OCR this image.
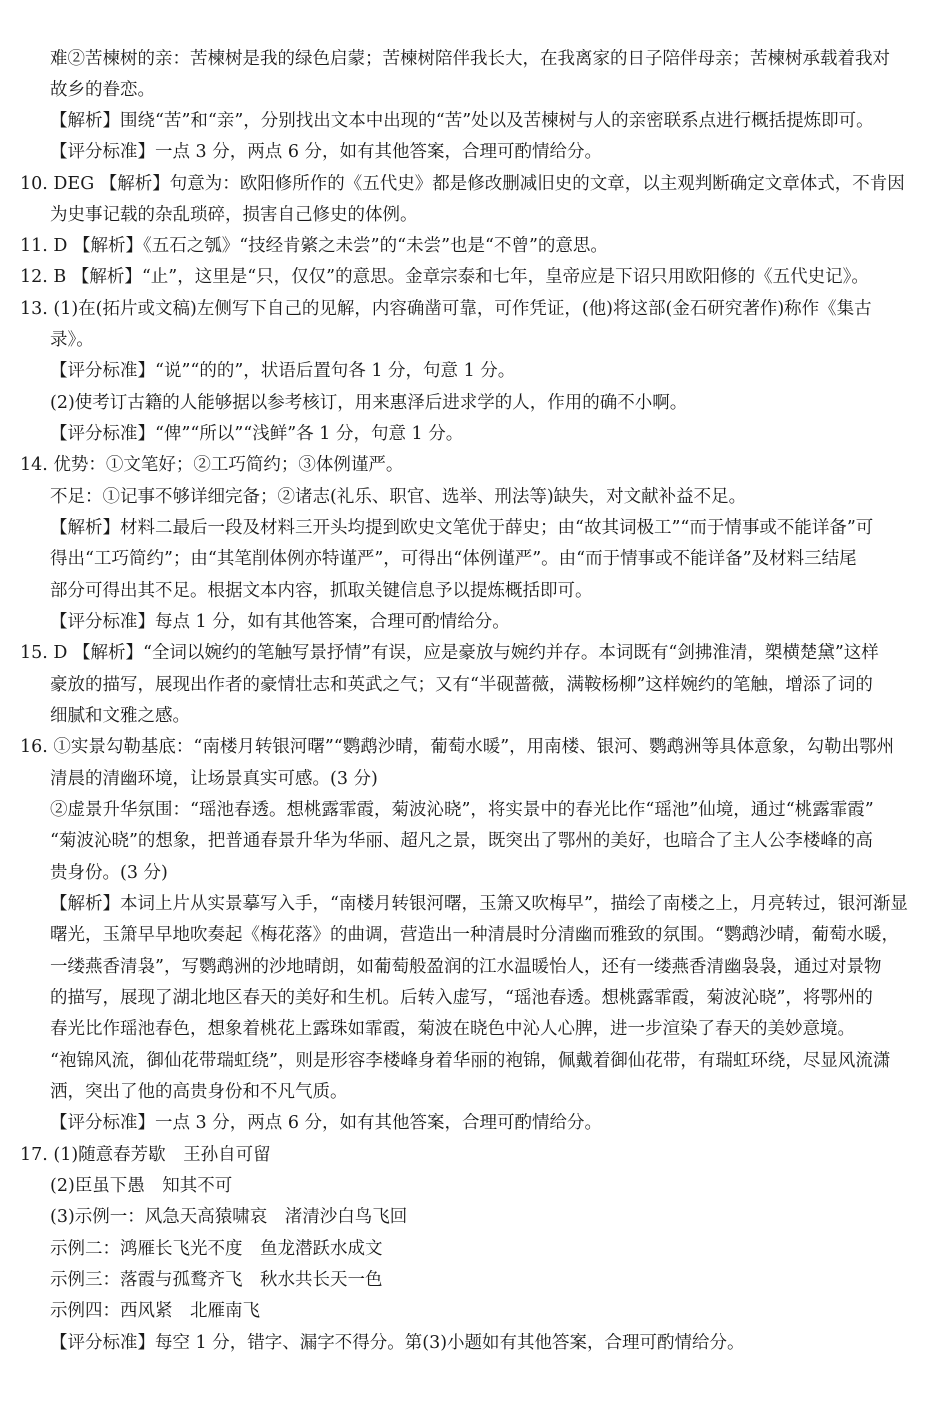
难②苦楝树的亲：苦楝树是我的绿色启蒙；苦楝树陪伴我长大，在我离家的日子陪伴母亲；苦楝树承载着我对
故乡的眷恋。
【解析】围绕“苦”和“亲”，分别找出文本中出现的“苦”处以及苦楝树与人的亲密联系点进行概括提炼即可。
【评分标准】一点 3 分，两点 6 分，如有其他答案，合理可酌情给分。
10. DEG 【解析】句意为：欧阳修所作的《五代史》都是修改删减旧史的文章，以主观判断确定文章体式，不肯因
为史事记载的杂乱琐碎，损害自己修史的体例。
11. D 【解析】《五石之瓠》“技经肯綮之未尝”的“未尝”也是“不曾”的意思。
12. B 【解析】“止”，这里是“只，仅仅”的意思。金章宗泰和七年，皇帝应是下诏只用欧阳修的《五代史记》。
13. (1)在(拓片或文稿)左侧写下自己的见解，内容确凿可靠，可作凭证，(他)将这部(金石研究著作)称作《集古
录》。
【评分标准】“说”“的的”，状语后置句各 1 分，句意 1 分。
(2)使考订古籍的人能够据以参考核订，用来惠泽后进求学的人，作用的确不小啊。
【评分标准】“俾”“所以”“浅鲜”各 1 分，句意 1 分。
14. 优势：①文笔好；②工巧简约；③体例谨严。
不足：①记事不够详细完备；②诸志(礼乐、职官、选举、刑法等)缺失，对文献补益不足。
【解析】材料二最后一段及材料三开头均提到欧史文笔优于薛史；由“故其词极工”“而于情事或不能详备”可
得出“工巧简约”；由“其笔削体例亦特谨严”，可得出“体例谨严”。由“而于情事或不能详备”及材料三结尾
部分可得出其不足。根据文本内容，抓取关键信息予以提炼概括即可。
【评分标准】每点 1 分，如有其他答案，合理可酌情给分。
15. D 【解析】“全词以婉约的笔触写景抒情”有误，应是豪放与婉约并存。本词既有“剑拂淮清，槊横楚黛”这样
豪放的描写，展现出作者的豪情壮志和英武之气；又有“半砚蔷薇，满鞍杨柳”这样婉约的笔触，增添了词的
细腻和文雅之感。
16. ①实景勾勒基底：“南楼月转银河曙”“鹦鹉沙晴，葡萄水暖”，用南楼、银河、鹦鹉洲等具体意象，勾勒出鄂州
清晨的清幽环境，让场景真实可感。(3 分)
②虚景升华氛围：“瑶池春透。想桃露霏霞，菊波沁晓”，将实景中的春光比作“瑶池”仙境，通过“桃露霏霞”
“菊波沁晓”的想象，把普通春景升华为华丽、超凡之景，既突出了鄂州的美好，也暗合了主人公李楼峰的高
贵身份。(3 分)
【解析】本词上片从实景摹写入手，“南楼月转银河曙，玉箫又吹梅早”，描绘了南楼之上，月亮转过，银河渐显
曙光，玉箫早早地吹奏起《梅花落》的曲调，营造出一种清晨时分清幽而雅致的氛围。“鹦鹉沙晴，葡萄水暖，
一缕燕香清袅”，写鹦鹉洲的沙地晴朗，如葡萄般盈润的江水温暖怡人，还有一缕燕香清幽袅袅，通过对景物
的描写，展现了湖北地区春天的美好和生机。后转入虚写，“瑶池春透。想桃露霏霞，菊波沁晓”，将鄂州的
春光比作瑶池春色，想象着桃花上露珠如霏霞，菊波在晓色中沁人心脾，进一步渲染了春天的美妙意境。
“袍锦风流，御仙花带瑞虹绕”，则是形容李楼峰身着华丽的袍锦，佩戴着御仙花带，有瑞虹环绕，尽显风流潇
洒，突出了他的高贵身份和不凡气质。
【评分标准】一点 3 分，两点 6 分，如有其他答案，合理可酌情给分。
17. (1)随意春芳歇　王孙自可留
(2)臣虽下愚　知其不可
(3)示例一：风急天高猿啸哀　渚清沙白鸟飞回
示例二：鸿雁长飞光不度　鱼龙潜跃水成文
示例三：落霞与孤鹜齐飞　秋水共长天一色
示例四：西风紧　北雁南飞
【评分标准】每空 1 分，错字、漏字不得分。第(3)小题如有其他答案，合理可酌情给分。
